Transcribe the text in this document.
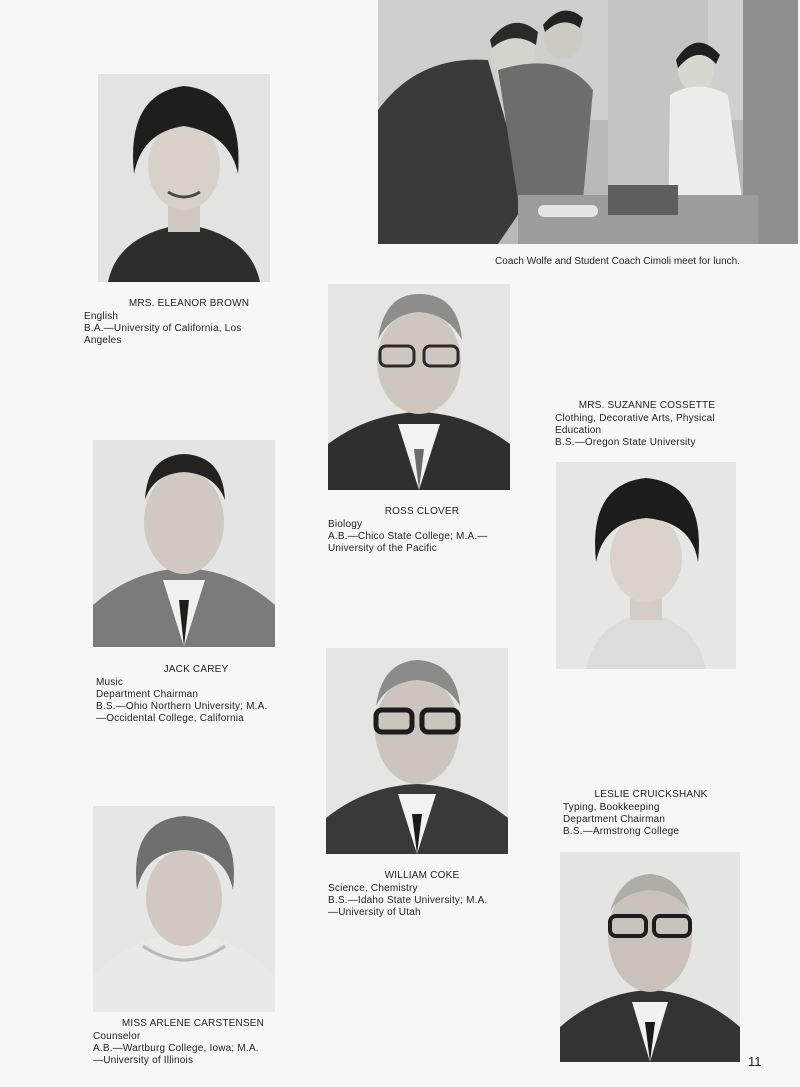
Coach Wolfe and Student Coach Cimoli meet for lunch.
MRS. ELEANOR BROWN
English
B.A.—University of California, Los
Angeles
ROSS CLOVER
Biology
A.B.—Chico State College; M.A.—
University of the Pacific
MRS. SUZANNE COSSETTE
Clothing, Decorative Arts, Physical
Education
B.S.—Oregon State University
JACK CAREY
Music
Department Chairman
B.S.—Ohio Northern University; M.A.
—Occidental College, California
WILLIAM COKE
Science, Chemistry
B.S.—Idaho State University; M.A.
—University of Utah
LESLIE CRUICKSHANK
Typing, Bookkeeping
Department Chairman
B.S.—Armstrong College
MISS ARLENE CARSTENSEN
Counselor
A.B.—Wartburg College, Iowa; M.A.
—University of Illinois	11
